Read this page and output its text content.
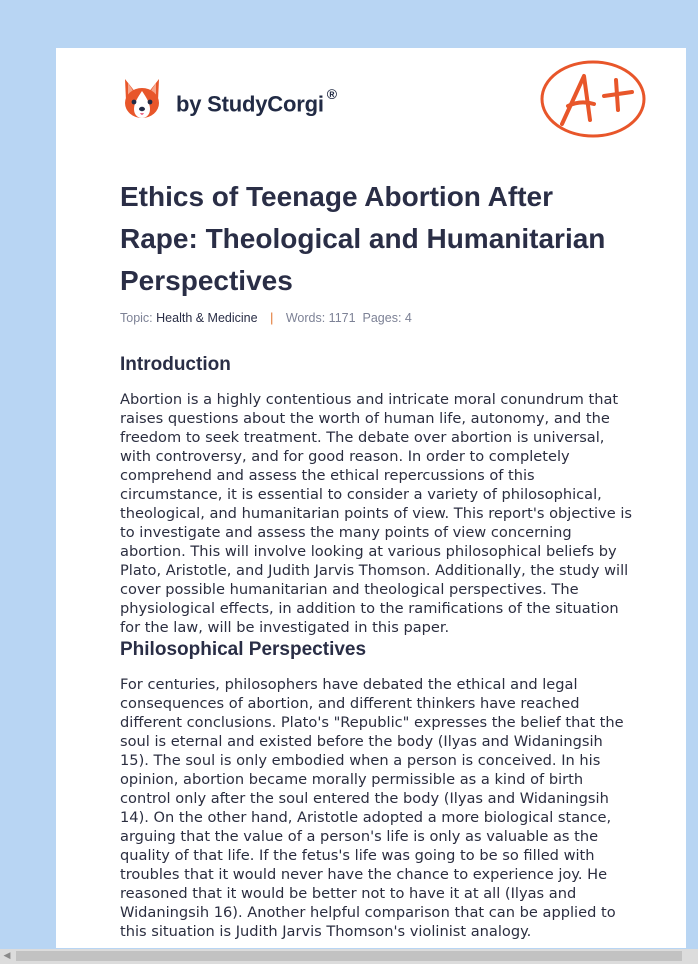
by StudyCorgi ®
Ethics of Teenage Abortion After Rape: Theological and Humanitarian Perspectives
Topic: Health & Medicine | Words: 1171 Pages: 4
Introduction

Abortion is a highly contentious and intricate moral conundrum that raises questions about the worth of human life, autonomy, and the freedom to seek treatment. The debate over abortion is universal, with controversy, and for good reason. In order to completely comprehend and assess the ethical repercussions of this circumstance, it is essential to consider a variety of philosophical, theological, and humanitarian points of view. This report's objective is to investigate and assess the many points of view concerning abortion. This will involve looking at various philosophical beliefs by Plato, Aristotle, and Judith Jarvis Thomson. Additionally, the study will cover possible humanitarian and theological perspectives. The physiological effects, in addition to the ramifications of the situation for the law, will be investigated in this paper.

Philosophical Perspectives

For centuries, philosophers have debated the ethical and legal consequences of abortion, and different thinkers have reached different conclusions. Plato's "Republic" expresses the belief that the soul is eternal and existed before the body (Ilyas and Widaningsih 15). The soul is only embodied when a person is conceived. In his opinion, abortion became morally permissible as a kind of birth control only after the soul entered the body (Ilyas and Widaningsih 14). On the other hand, Aristotle adopted a more biological stance, arguing that the value of a person's life is only as valuable as the quality of that life. If the fetus's life was going to be so filled with troubles that it would never have the chance to experience joy. He reasoned that it would be better not to have it at all (Ilyas and Widaningsih 16). Another helpful comparison that can be applied to this situation is Judith Jarvis Thomson's violinist analogy.

◀
